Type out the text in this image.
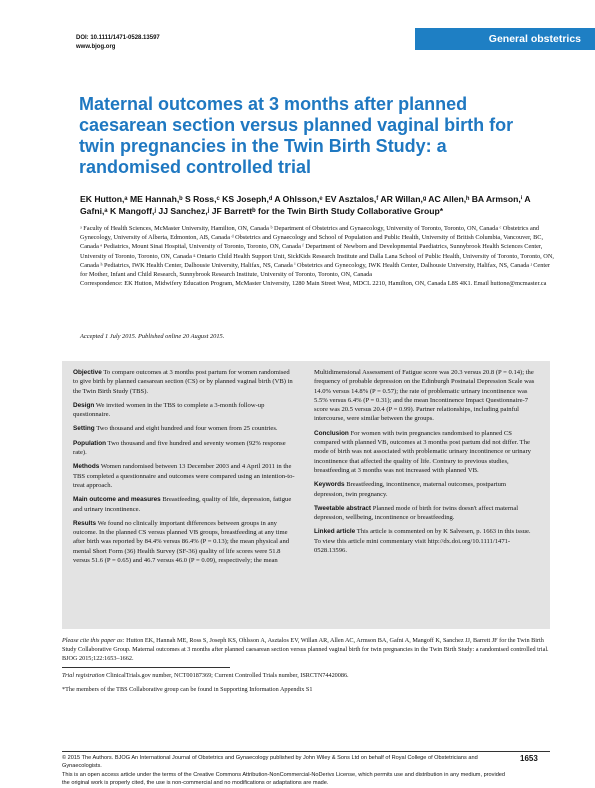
DOI: 10.1111/1471-0528.13597
www.bjog.org
General obstetrics
Maternal outcomes at 3 months after planned caesarean section versus planned vaginal birth for twin pregnancies in the Twin Birth Study: a randomised controlled trial
EK Hutton,ᵃ ME Hannah,ᵇ S Ross,ᶜ KS Joseph,ᵈ A Ohlsson,ᵉ EV Asztalos,ᶠ AR Willan,ᵍ AC Allen,ʰ BA Armson,ⁱ A Gafni,ᵃ K Mangoff,ʲ JJ Sanchez,ʲ JF Barrettᵇ for the Twin Birth Study Collaborative Group*

ᵃ Faculty of Health Sciences, McMaster University, Hamilton, ON, Canada ᵇ Department of Obstetrics and Gynaecology, University of Toronto, Toronto, ON, Canada ᶜ Obstetrics and Gynecology, University of Alberta, Edmonton, AB, Canada ᵈ Obstetrics and Gynaecology and School of Population and Public Health, University of British Columbia, Vancouver, BC, Canada ᵉ Pediatrics, Mount Sinai Hospital, University of Toronto, Toronto, ON, Canada ᶠ Department of Newborn and Developmental Paediatrics, Sunnybrook Health Sciences Center, University of Toronto, Toronto, ON, Canada ᵍ Ontario Child Health Support Unit, SickKids Research Institute and Dalla Lana School of Public Health, University of Toronto, Toronto, ON, Canada ʰ Pediatrics, IWK Health Center, Dalhousie University, Halifax, NS, Canada ⁱ Obstetrics and Gynecology, IWK Health Center, Dalhousie University, Halifax, NS, Canada ʲ Center for Mother, Infant and Child Research, Sunnybrook Research Institute, University of Toronto, Toronto, ON, Canada

Correspondence: EK Hutton, Midwifery Education Program, McMaster University, 1280 Main Street West, MDCL 2210, Hamilton, ON, Canada L8S 4K1. Email huttone@mcmaster.ca

Accepted 1 July 2015. Published online 20 August 2015.

Objective To compare outcomes at 3 months post partum for women randomised to give birth by planned caesarean section (CS) or by planned vaginal birth (VB) in the Twin Birth Study (TBS).

Design We invited women in the TBS to complete a 3-month follow-up questionnaire.

Setting Two thousand and eight hundred and four women from 25 countries.

Population Two thousand and five hundred and seventy women (92% response rate).

Methods Women randomised between 13 December 2003 and 4 April 2011 in the TBS completed a questionnaire and outcomes were compared using an intention-to-treat approach.

Main outcome and measures Breastfeeding, quality of life, depression, fatigue and urinary incontinence.

Results We found no clinically important differences between groups in any outcome. In the planned CS versus planned VB groups, breastfeeding at any time after birth was reported by 84.4% versus 86.4% (P = 0.13); the mean physical and mental Short Form (36) Health Survey (SF-36) quality of life scores were 51.8 versus 51.6 (P = 0.65) and 46.7 versus 46.0 (P = 0.09), respectively; the mean

Multidimensional Assessment of Fatigue score was 20.3 versus 20.8 (P = 0.14); the frequency of probable depression on the Edinburgh Postnatal Depression Scale was 14.0% versus 14.8% (P = 0.57); the rate of problematic urinary incontinence was 5.5% versus 6.4% (P = 0.31); and the mean Incontinence Impact Questionnaire-7 score was 20.5 versus 20.4 (P = 0.99). Partner relationships, including painful intercourse, were similar between the groups.

Conclusion For women with twin pregnancies randomised to planned CS compared with planned VB, outcomes at 3 months post partum did not differ. The mode of birth was not associated with problematic urinary incontinence or urinary incontinence that affected the quality of life. Contrary to previous studies, breastfeeding at 3 months was not increased with planned VB.

Keywords Breastfeeding, incontinence, maternal outcomes, postpartum depression, twin pregnancy.

Tweetable abstract Planned mode of birth for twins doesn't affect maternal depression, wellbeing, incontinence or breastfeeding.

Linked article This article is commented on by K Salvesen, p. 1663 in this issue. To view this article mini commentary visit http://dx.doi.org/10.1111/1471-0528.13596.

Please cite this paper as: Hutton EK, Hannah ME, Ross S, Joseph KS, Ohlsson A, Asztalos EV, Willan AR, Allen AC, Armson BA, Gafni A, Mangoff K, Sanchez JJ, Barrett JF for the Twin Birth Study Collaborative Group. Maternal outcomes at 3 months after planned caesarean section versus planned vaginal birth for twin pregnancies in the Twin Birth Study: a randomised controlled trial. BJOG 2015;122:1653–1662.

Trial registration ClinicalTrials.gov number, NCT00187369; Current Controlled Trials number, ISRCTN74420086.

*The members of the TBS Collaborative group can be found in Supporting Information Appendix S1

© 2015 The Authors. BJOG An International Journal of Obstetrics and Gynaecology published by John Wiley & Sons Ltd on behalf of Royal College of Obstetricians and Gynaecologists.

This is an open access article under the terms of the Creative Commons Attribution-NonCommercial-NoDerivs License, which permits use and distribution in any medium, provided the original work is properly cited, the use is non-commercial and no modifications or adaptations are made.

1653
